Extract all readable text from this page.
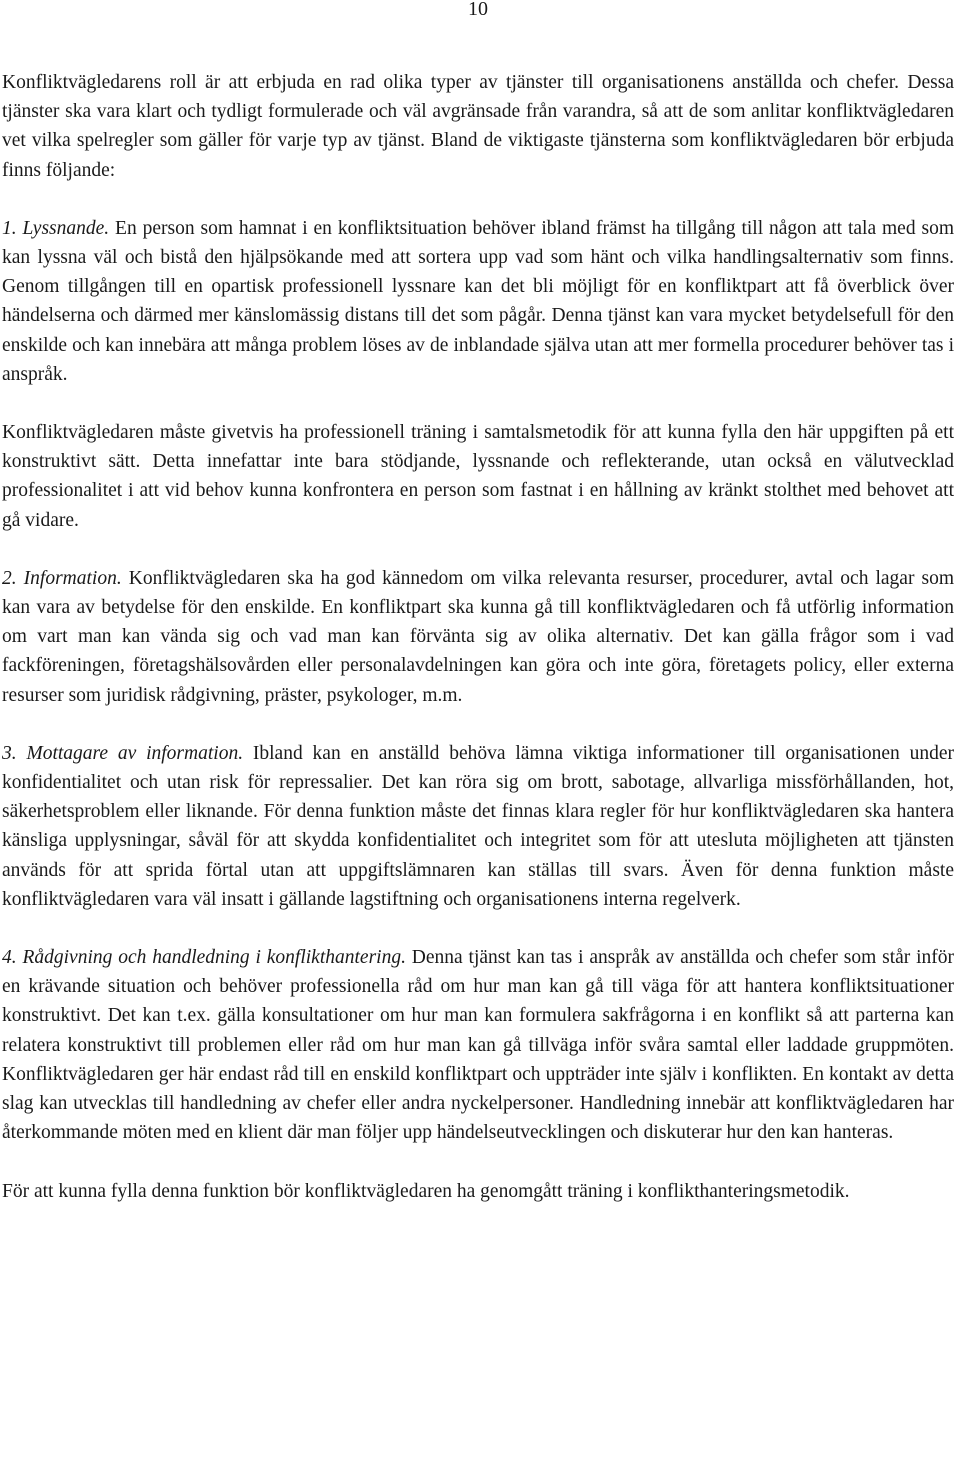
10

Konfliktvägledarens roll är att erbjuda en rad olika typer av tjänster till organisationens anställda och chefer. Dessa tjänster ska vara klart och tydligt formulerade och väl avgränsade från varandra, så att de som anlitar konfliktvägledaren vet vilka spelregler som gäller för varje typ av tjänst. Bland de viktigaste tjänsterna som konfliktvägledaren bör erbjuda finns följande:

1. Lyssnande. En person som hamnat i en konfliktsituation behöver ibland främst ha tillgång till någon att tala med som kan lyssna väl och bistå den hjälpsökande med att sortera upp vad som hänt och vilka handlingsalternativ som finns. Genom tillgången till en opartisk professionell lyssnare kan det bli möjligt för en konfliktpart att få överblick över händelserna och därmed mer känslomässig distans till det som pågår. Denna tjänst kan vara mycket betydelsefull för den enskilde och kan innebära att många problem löses av de inblandade själva utan att mer formella procedurer behöver tas i anspråk.

Konfliktvägledaren måste givetvis ha professionell träning i samtalsmetodik för att kunna fylla den här uppgiften på ett konstruktivt sätt. Detta innefattar inte bara stödjande, lyssnande och reflekterande, utan också en välutvecklad professionalitet i att vid behov kunna konfrontera en person som fastnat i en hållning av kränkt stolthet med behovet att gå vidare.

2. Information. Konfliktvägledaren ska ha god kännedom om vilka relevanta resurser, procedurer, avtal och lagar som kan vara av betydelse för den enskilde. En konfliktpart ska kunna gå till konfliktvägledaren och få utförlig information om vart man kan vända sig och vad man kan förvänta sig av olika alternativ. Det kan gälla frågor som i vad fackföreningen, företagshälsovården eller personalavdelningen kan göra och inte göra, företagets policy, eller externa resurser som juridisk rådgivning, präster, psykologer, m.m.

3. Mottagare av information. Ibland kan en anställd behöva lämna viktiga informationer till organisationen under konfidentialitet och utan risk för repressalier. Det kan röra sig om brott, sabotage, allvarliga missförhållanden, hot, säkerhetsproblem eller liknande. För denna funktion måste det finnas klara regler för hur konfliktvägledaren ska hantera känsliga upplysningar, såväl för att skydda konfidentialitet och integritet som för att utesluta möjligheten att tjänsten används för att sprida förtal utan att uppgiftslämnaren kan ställas till svars. Även för denna funktion måste konfliktvägledaren vara väl insatt i gällande lagstiftning och organisationens interna regelverk.

4. Rådgivning och handledning i konflikthantering. Denna tjänst kan tas i anspråk av anställda och chefer som står inför en krävande situation och behöver professionella råd om hur man kan gå till väga för att hantera konfliktsituationer konstruktivt. Det kan t.ex. gälla konsultationer om hur man kan formulera sakfrågorna i en konflikt så att parterna kan relatera konstruktivt till problemen eller råd om hur man kan gå tillväga inför svåra samtal eller laddade gruppmöten. Konfliktvägledaren ger här endast råd till en enskild konfliktpart och uppträder inte själv i konflikten. En kontakt av detta slag kan utvecklas till handledning av chefer eller andra nyckelpersoner. Handledning innebär att konfliktvägledaren har återkommande möten med en klient där man följer upp händelseutvecklingen och diskuterar hur den kan hanteras.

För att kunna fylla denna funktion bör konfliktvägledaren ha genomgått träning i konflikthanteringsmetodik.
